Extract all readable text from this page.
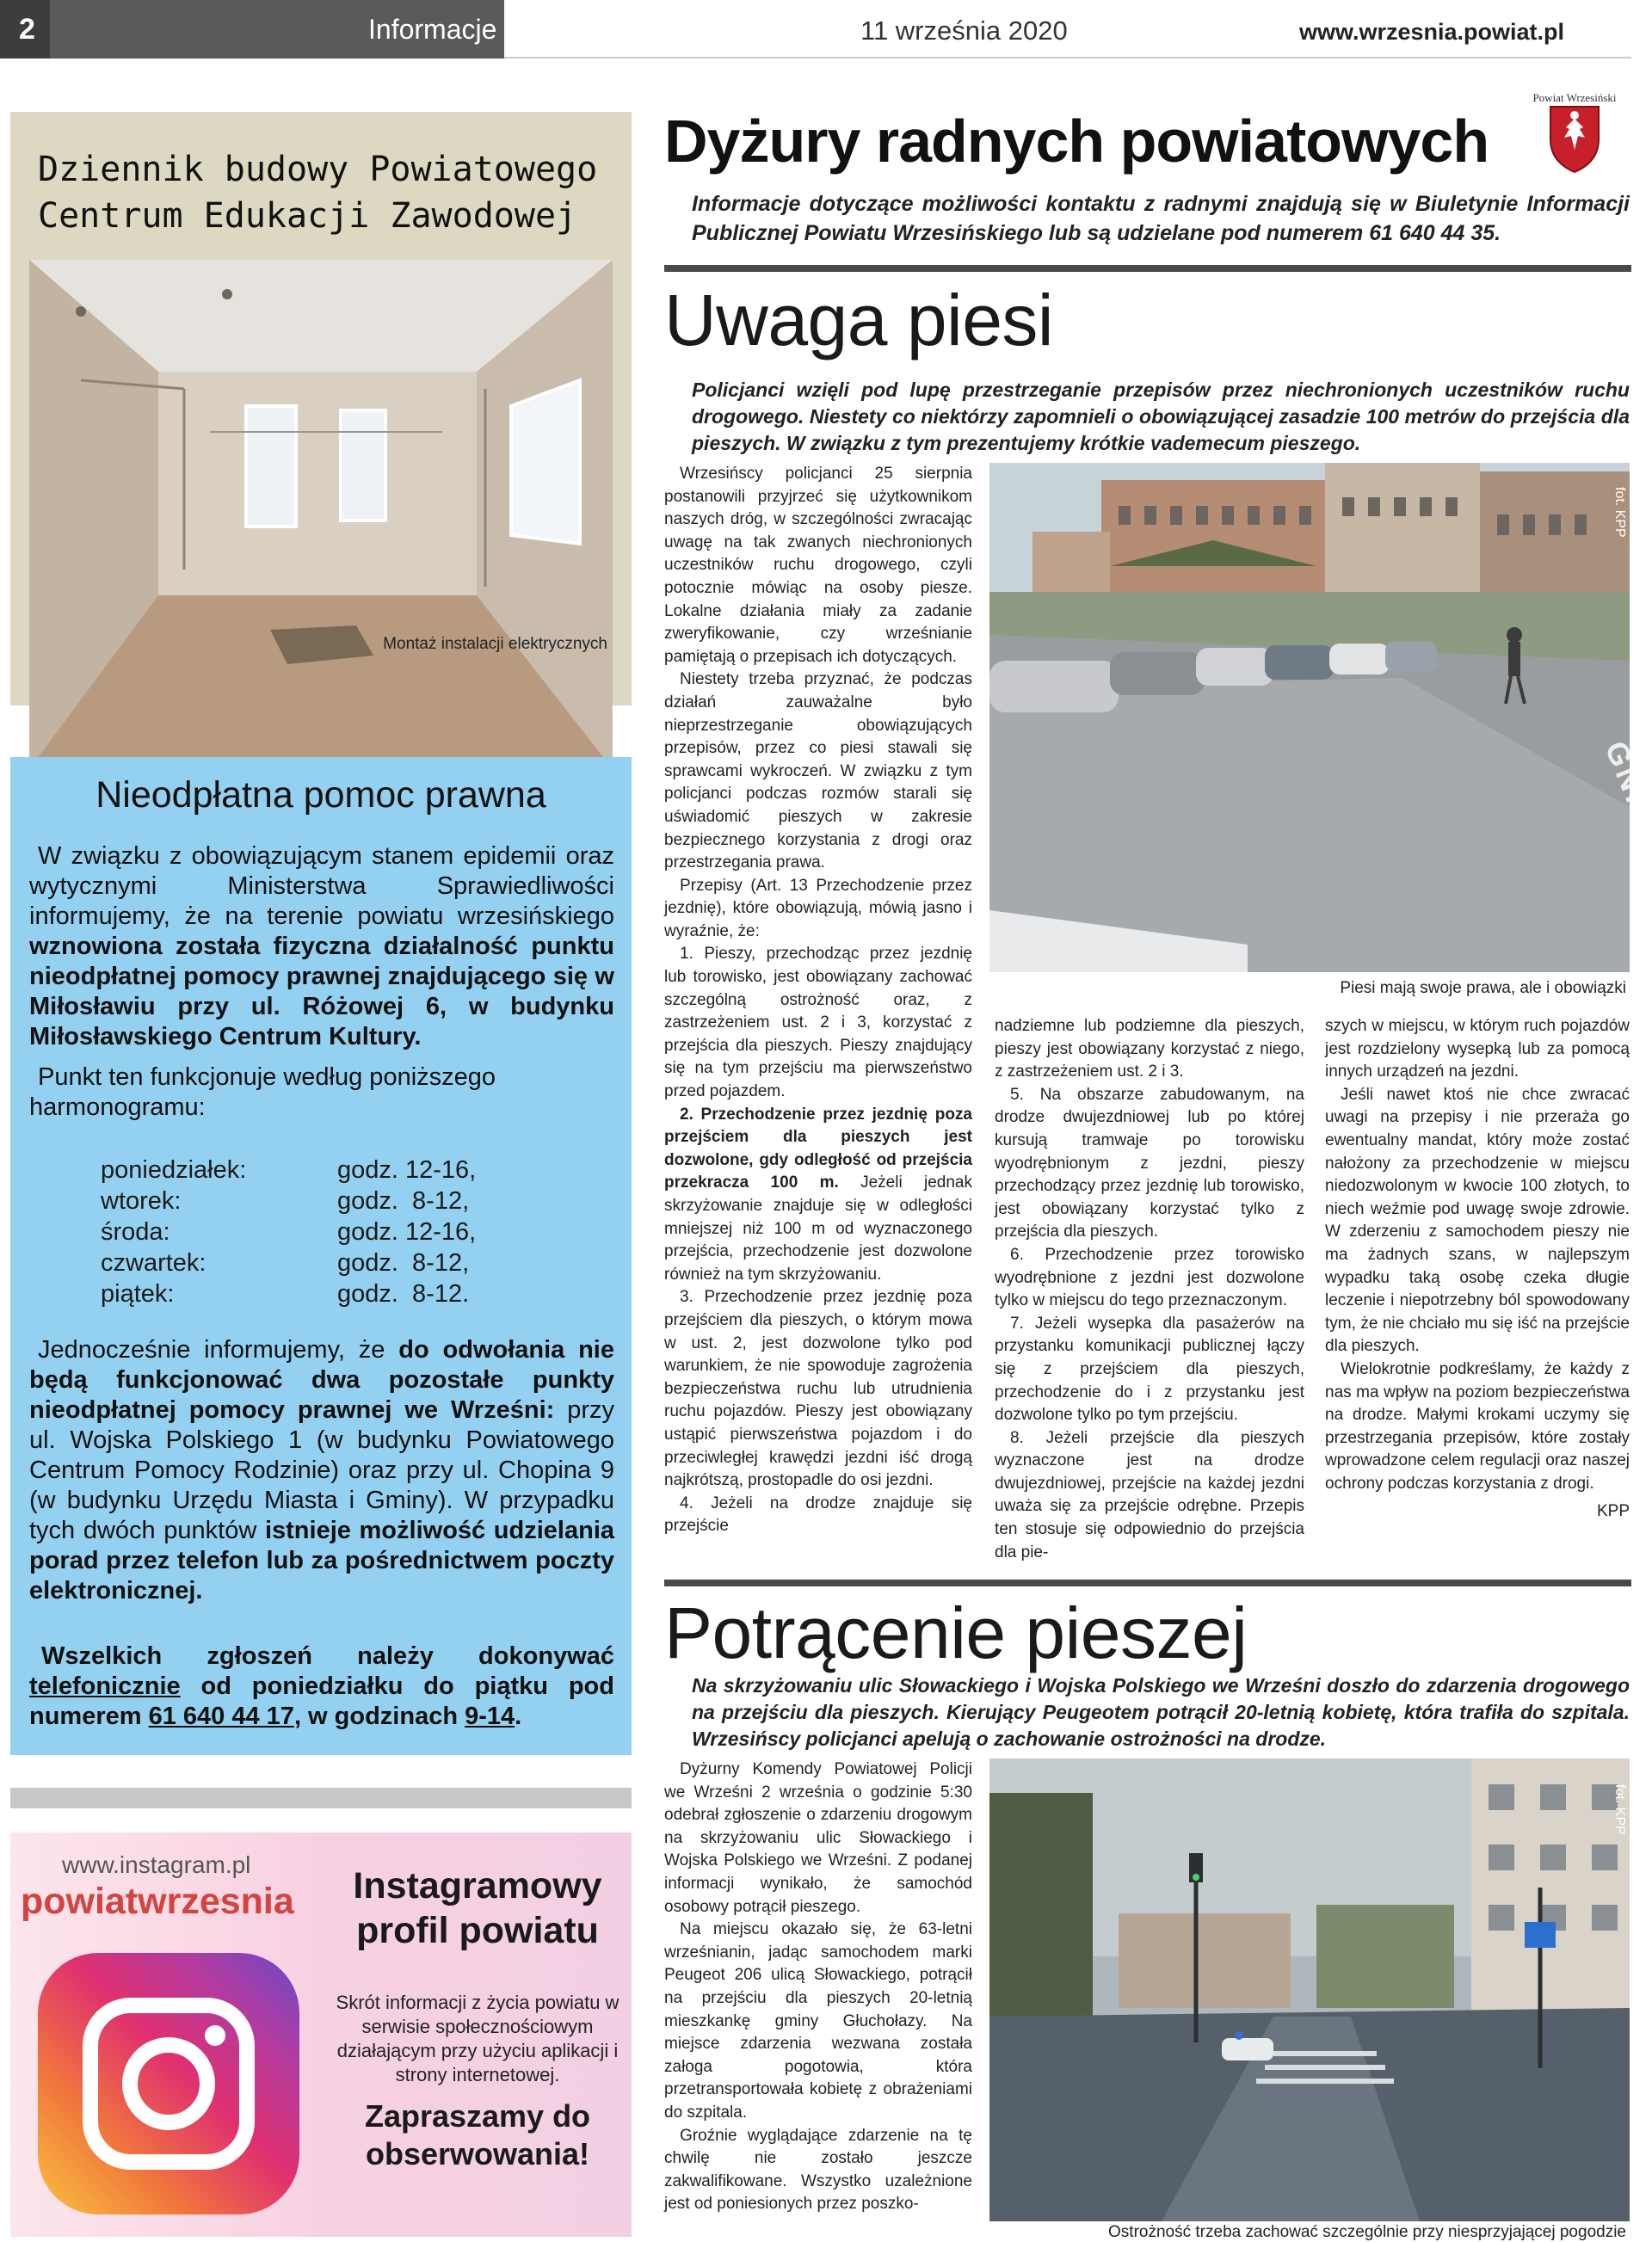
2	Informacje	11 września 2020	www.wrzesnia.powiat.pl
Dziennik budowy Powiatowego
Centrum Edukacji Zawodowej
Montaż instalacji elektrycznych
Nieodpłatna pomoc prawna
W związku z obowiązującym stanem epidemii oraz wytycznymi Ministerstwa Sprawiedliwości informujemy, że na terenie powiatu wrzesińskiego wznowiona została fizyczna działalność punktu nieodpłatnej pomocy prawnej znajdującego się w Miłosławiu przy ul. Różowej 6, w budynku Miłosławskiego Centrum Kultury.
Punkt ten funkcjonuje według poniższego harmonogramu:
poniedziałek:	godz. 12-16,
wtorek:	godz.  8-12,
środa:	godz. 12-16,
czwartek:	godz.  8-12,
piątek:	godz.  8-12.
Jednocześnie informujemy, że do odwołania nie będą funkcjonować dwa pozostałe punkty nieodpłatnej pomocy prawnej we Wrześni: przy ul. Wojska Polskiego 1 (w budynku Powiatowego Centrum Pomocy Rodzinie) oraz przy ul. Chopina 9 (w budynku Urzędu Miasta i Gminy). W przypadku tych dwóch punktów istnieje możliwość udzielania porad przez telefon lub za pośrednictwem poczty elektronicznej.
Wszelkich zgłoszeń należy dokonywać telefonicznie od poniedziałku do piątku pod numerem 61 640 44 17, w godzinach 9-14.
www.instagram.pl
powiatwrzesnia	Instagramowy profil powiatu
Skrót informacji z życia powiatu w serwisie społecznościowym działającym przy użyciu aplikacji i strony internetowej.
Zapraszamy do obserwowania!
Dyżury radnych powiatowych
Powiat Wrzesiński
Informacje dotyczące możliwości kontaktu z radnymi znajdują się w Biuletynie Informacji Publicznej Powiatu Wrzesińskiego lub są udzielane pod numerem 61 640 44 35.
Uwaga piesi
Policjanci wzięli pod lupę przestrzeganie przepisów przez niechronionych uczestników ruchu drogowego. Niestety co niektórzy zapomnieli o obowiązującej zasadzie 100 metrów do przejścia dla pieszych. W związku z tym prezentujemy krótkie vademecum pieszego.

Wrzesińscy policjanci 25 sierpnia postanowili przyjrzeć się użytkownikom naszych dróg, w szczególności zwracając uwagę na tak zwanych niechronionych uczestników ruchu drogowego, czyli potocznie mówiąc na osoby piesze. Lokalne działania miały za zadanie zweryfikowanie, czy wrześnianie pamiętają o przepisach ich dotyczących.

Niestety trzeba przyznać, że podczas działań zauważalne było nieprzestrzeganie obowiązujących przepisów, przez co piesi stawali się sprawcami wykroczeń. W związku z tym policjanci podczas rozmów starali się uświadomić pieszych w zakresie bezpiecznego korzystania z drogi oraz przestrzegania prawa.

Przepisy (Art. 13 Przechodzenie przez jezdnię), które obowiązują, mówią jasno i wyraźnie, że:

1. Pieszy, przechodząc przez jezdnię lub torowisko, jest obowiązany zachować szczególną ostrożność oraz, z zastrzeżeniem ust. 2 i 3, korzystać z przejścia dla pieszych. Pieszy znajdujący się na tym przejściu ma pierwszeństwo przed pojazdem.

2. Przechodzenie przez jezdnię poza przejściem dla pieszych jest dozwolone, gdy odległość od przejścia przekracza 100 m. Jeżeli jednak skrzyżowanie znajduje się w odległości mniejszej niż 100 m od wyznaczonego przejścia, przechodzenie jest dozwolone również na tym skrzyżowaniu.

3. Przechodzenie przez jezdnię poza przejściem dla pieszych, o którym mowa w ust. 2, jest dozwolone tylko pod warunkiem, że nie spowoduje zagrożenia bezpieczeństwa ruchu lub utrudnienia ruchu pojazdów. Pieszy jest obowiązany ustąpić pierwszeństwa pojazdom i do przeciwległej krawędzi jezdni iść drogą najkrótszą, prostopadle do osi jezdni.

4. Jeżeli na drodze znajduje się przejście

fot. KPP
Piesi mają swoje prawa, ale i obowiązki

nadziemne lub podziemne dla pieszych, pieszy jest obowiązany korzystać z niego, z zastrzeżeniem ust. 2 i 3.

5. Na obszarze zabudowanym, na drodze dwujezdniowej lub po której kursują tramwaje po torowisku wyodrębnionym z jezdni, pieszy przechodzący przez jezdnię lub torowisko, jest obowiązany korzystać tylko z przejścia dla pieszych.

6. Przechodzenie przez torowisko wyodrębnione z jezdni jest dozwolone tylko w miejscu do tego przeznaczonym.

7. Jeżeli wysepka dla pasażerów na przystanku komunikacji publicznej łączy się z przejściem dla pieszych, przechodzenie do i z przystanku jest dozwolone tylko po tym przejściu.

8. Jeżeli przejście dla pieszych wyznaczone jest na drodze dwujezdniowej, przejście na każdej jezdni uważa się za przejście odrębne. Przepis ten stosuje się odpowiednio do przejścia dla pie-

szych w miejscu, w którym ruch pojazdów jest rozdzielony wysepką lub za pomocą innych urządzeń na jezdni.

Jeśli nawet ktoś nie chce zwracać uwagi na przepisy i nie przeraża go ewentualny mandat, który może zostać nałożony za przechodzenie w miejscu niedozwolonym w kwocie 100 złotych, to niech weźmie pod uwagę swoje zdrowie. W zderzeniu z samochodem pieszy nie ma żadnych szans, w najlepszym wypadku taką osobę czeka długie leczenie i niepotrzebny ból spowodowany tym, że nie chciało mu się iść na przejście dla pieszych.

Wielokrotnie podkreślamy, że każdy z nas ma wpływ na poziom bezpieczeństwa na drodze. Małymi krokami uczymy się przestrzegania przepisów, które zostały wprowadzone celem regulacji oraz naszej ochrony podczas korzystania z drogi.

KPP
Potrącenie pieszej
Na skrzyżowaniu ulic Słowackiego i Wojska Polskiego we Wrześni doszło do zdarzenia drogowego na przejściu dla pieszych. Kierujący Peugeotem potrącił 20-letnią kobietę, która trafiła do szpitala. Wrzesińscy policjanci apelują o zachowanie ostrożności na drodze.

Dyżurny Komendy Powiatowej Policji we Wrześni 2 września o godzinie 5:30 odebrał zgłoszenie o zdarzeniu drogowym na skrzyżowaniu ulic Słowackiego i Wojska Polskiego we Wrześni. Z podanej informacji wynikało, że samochód osobowy potrącił pieszego.

Na miejscu okazało się, że 63-letni wrześnianin, jadąc samochodem marki Peugeot 206 ulicą Słowackiego, potrącił na przejściu dla pieszych 20-letnią mieszkankę gminy Głuchołazy. Na miejsce zdarzenia wezwana została załoga pogotowia, która przetransportowała kobietę z obrażeniami do szpitala.

Groźnie wyglądające zdarzenie na tę chwilę nie zostało jeszcze zakwalifikowane. Wszystko uzależnione jest od poniesionych przez poszko-

fot. KPP
Ostrożność trzeba zachować szczególnie przy niesprzyjającej pogodzie
